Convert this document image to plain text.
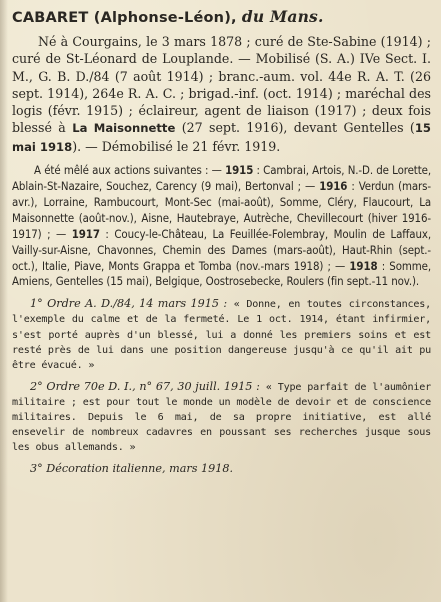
CABARET (Alphonse-Léon), du Mans.

Né à Courgains, le 3 mars 1878 ; curé de Ste-Sabine (1914) ; curé de St-Léonard de Louplande. — Mobilisé (S. A.) IVe Sect. I. M., G. B. D./84 (7 août 1914) ; branc.-aum. vol. 44e R. A. T. (26 sept. 1914), 264e R. A. C. ; brigad.-inf. (oct. 1914) ; maréchal des logis (févr. 1915) ; éclaireur, agent de liaison (1917) ; deux fois blessé à La Maisonnette (27 sept. 1916), devant Gentelles (15 mai 1918). — Démobilisé le 21 févr. 1919.

A été mêlé aux actions suivantes : — 1915 : Cambrai, Artois, N.-D. de Lorette, Ablain-St-Nazaire, Souchez, Carency (9 mai), Bertonval ; — 1916 : Verdun (mars-avr.), Lorraine, Rambucourt, Mont-Sec (mai-août), Somme, Cléry, Flaucourt, La Maisonnette (août-nov.), Aisne, Hautebraye, Autrèche, Chevillecourt (hiver 1916-1917) ; — 1917 : Coucy-le-Château, La Feuillée-Folembray, Moulin de Laffaux, Vailly-sur-Aisne, Chavonnes, Chemin des Dames (mars-août), Haut-Rhin (sept.-oct.), Italie, Piave, Monts Grappa et Tomba (nov.-mars 1918) ; — 1918 : Somme, Amiens, Gentelles (15 mai), Belgique, Oostrosebecke, Roulers (fin sept.-11 nov.).

1° Ordre A. D./84, 14 mars 1915 : « Donne, en toutes circonstances, l'exemple du calme et de la fermeté. Le 1 oct. 1914, étant infirmier, s'est porté auprès d'un blessé, lui a donné les premiers soins et est resté près de lui dans une position dangereuse jusqu'à ce qu'il ait pu être évacué. »

2° Ordre 70e D. I., n° 67, 30 juill. 1915 : « Type parfait de l'aumônier militaire ; est pour tout le monde un modèle de devoir et de conscience militaires. Depuis le 6 mai, de sa propre initiative, est allé ensevelir de nombreux cadavres en poussant ses recherches jusque sous les obus allemands. »

3° Décoration italienne, mars 1918.
